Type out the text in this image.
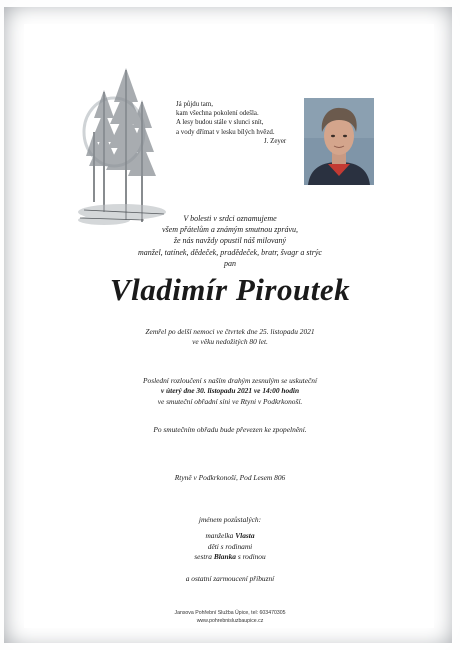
Já půjdu tam,
kam všechna pokolení odešla.
A lesy budou stále v slunci snít,
a vody dřímat v lesku bílých hvězd.
J. Zeyer
V bolesti v srdci oznamujeme
všem přátelům a známým smutnou zprávu,
že nás navždy opustil náš milovaný
manžel, tatínek, dědeček, pradědeček, bratr, švagr a strýc
pan
Vladimír Piroutek
Zemřel po delší nemoci ve čtvrtek dne 25. listopadu 2021
ve věku nedožitých 80 let.
Poslední rozloučení s naším drahým zesnulým se uskuteční
v úterý dne 30. listopadu 2021 ve 14:00 hodin
ve smuteční obřadní síni ve Rtyni v Podkrkonoší.
Po smutečním obřadu bude převezen ke zpopelnění.
Rtyně v Podkrkonoší, Pod Lesem 806
jménem pozůstalých:
manželka Vlasta
děti s rodinami
sestra Blanka s rodinou
a ostatní zarmoucení příbuzní
Jansova Pohřební Služba Úpice, tel: 603470305
www.pohrebnisluzbaupice.cz
